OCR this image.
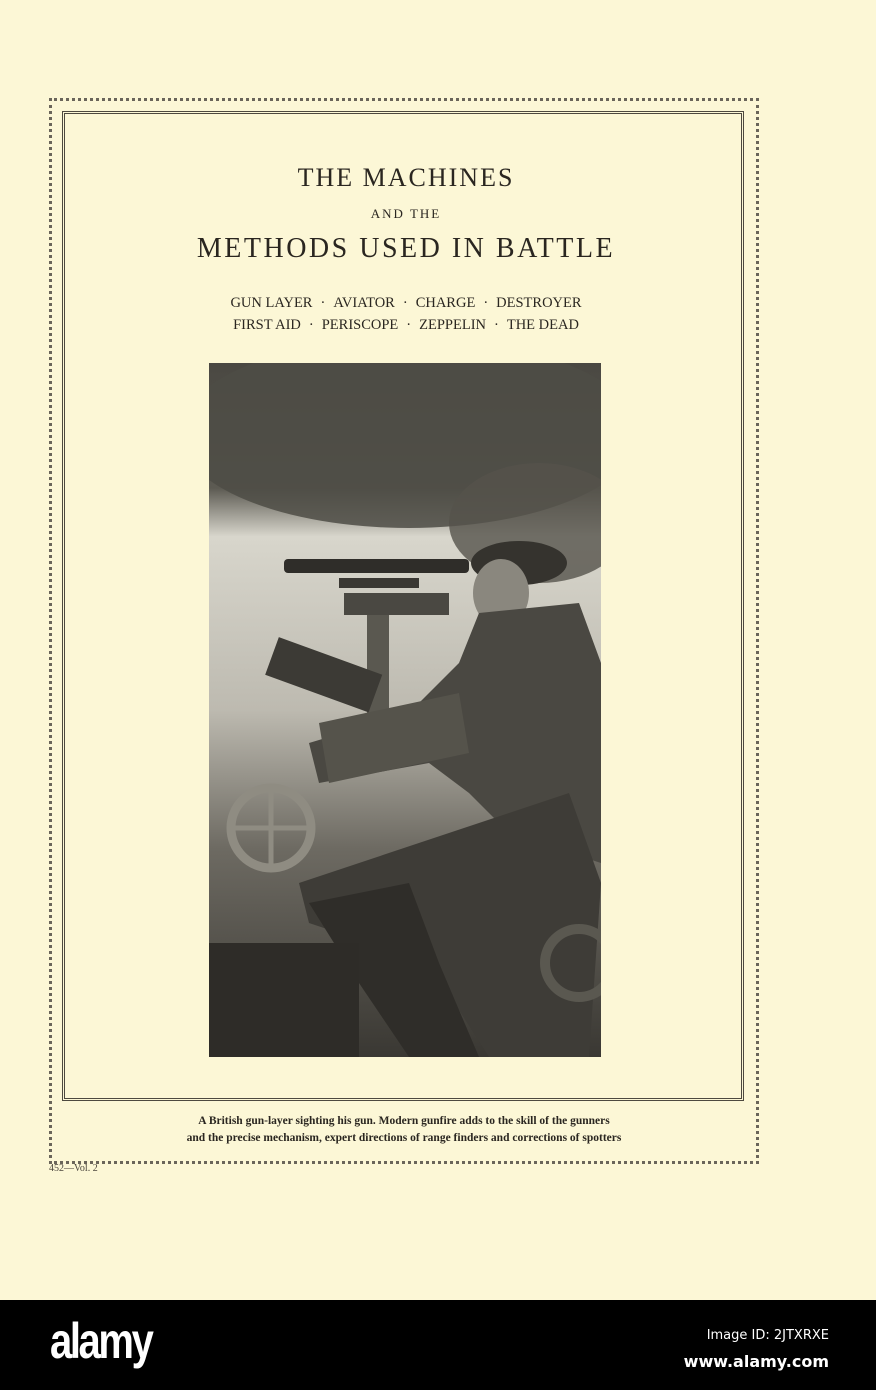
THE MACHINES
AND THE
METHODS USED IN BATTLE
GUN LAYER · AVIATOR · CHARGE · DESTROYER
FIRST AID · PERISCOPE · ZEPPELIN · THE DEAD
A British gun-layer sighting his gun. Modern gunfire adds to the skill of the gunners
and the precise mechanism, expert directions of range finders and corrections of spotters
452—Vol. 2
alamy	Image ID: 2JTXRXE
www.alamy.com
